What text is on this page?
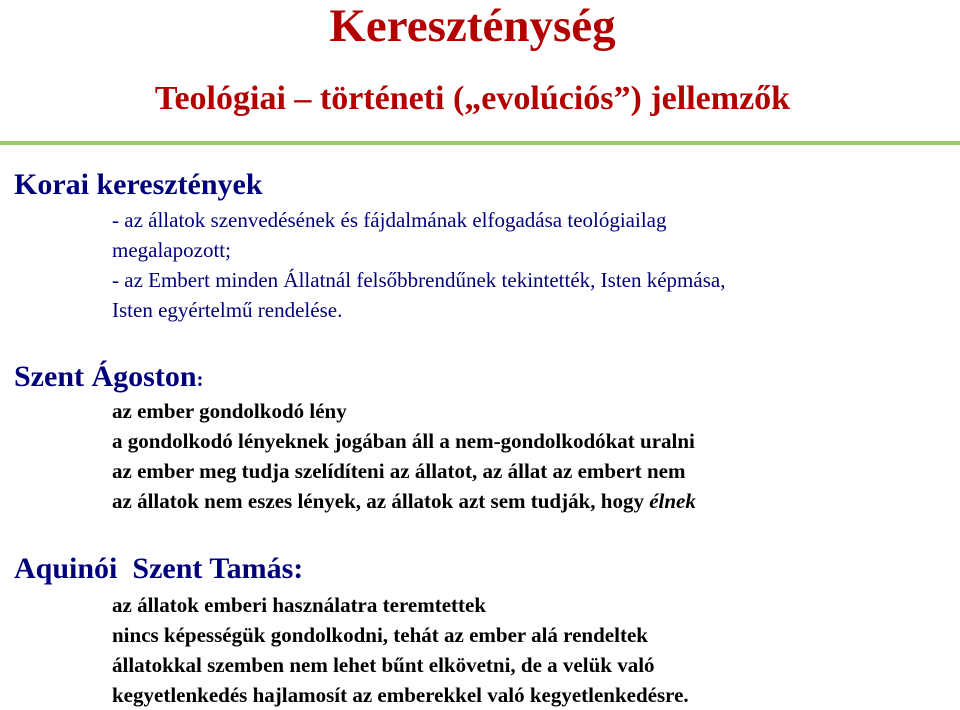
Kereszténység
Teológiai – történeti („evolúciós”) jellemzők
Korai keresztények
- az állatok szenvedésének és fájdalmának elfogadása teológiailag
megalapozott;
- az Embert minden Állatnál felsőbbrendűnek tekintették, Isten képmása,
Isten egyértelmű rendelése.
Szent Ágoston:
az ember gondolkodó lény
a gondolkodó lényeknek jogában áll a nem-gondolkodókat uralni
az ember meg tudja szelídíteni az állatot, az állat az embert nem
az állatok nem eszes lények, az állatok azt sem tudják, hogy élnek
Aquinói  Szent Tamás:
az állatok emberi használatra teremtettek
nincs képességük gondolkodni, tehát az ember alá rendeltek
állatokkal szemben nem lehet bűnt elkövetni, de a velük való
kegyetlenkedés hajlamosít az emberekkel való kegyetlenkedésre.
